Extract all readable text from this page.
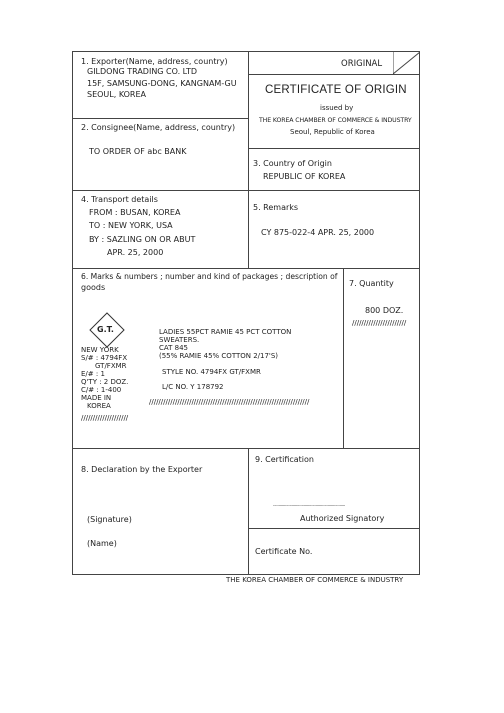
1. Exporter(Name, address, country)
GILDONG TRADING CO. LTD
15F, SAMSUNG-DONG, KANGNAM-GU
SEOUL, KOREA
ORIGINAL
CERTIFICATE OF ORIGIN
issued by
THE KOREA CHAMBER OF COMMERCE & INDUSTRY
Seoul, Republic of Korea
2. Consignee(Name, address, country)
TO ORDER OF abc BANK
3. Country of Origin
REPUBLIC OF KOREA
4. Transport details
FROM : BUSAN, KOREA
TO : NEW YORK, USA
BY : SAZLING ON OR ABUT
APR. 25, 2000
5. Remarks
CY 875-022-4 APR. 25, 2000
6. Marks & numbers ; number and kind of packages ; description of
goods
NEW YORK
S/# : 4794FX
GT/FXMR
E/# : 1
Q'TY : 2 DOZ.
C/# : 1-400
MADE IN
KOREA
////////////////////
LADIES 55PCT RAMIE 45 PCT COTTON
SWEATERS.
CAT 845
(55% RAMIE 45% COTTON 2/17'S)
STYLE NO. 4794FX GT/FXMR
L/C NO. Y 178792
////////////////////////////////////////////////////////////////////
7. Quantity
800 DOZ.
///////////////////////
8. Declaration by the Exporter
(Signature)
(Name)
9. Certification
..................................................................
Authorized Signatory
Certificate No.
G.T.
THE KOREA CHAMBER OF COMMERCE & INDUSTRY
